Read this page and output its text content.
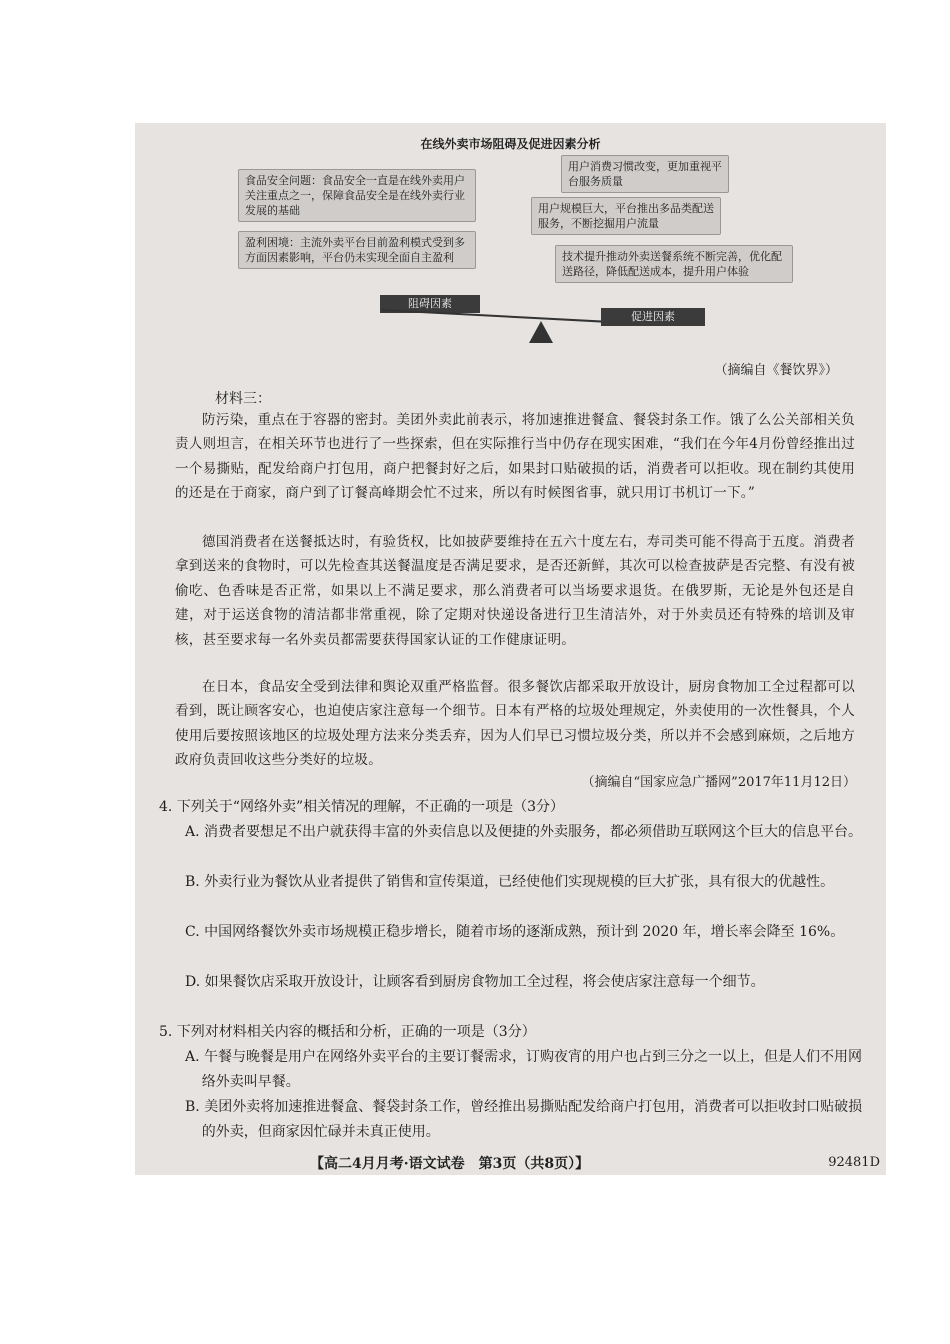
在线外卖市场阻碍及促进因素分析
食品安全问题：食品安全一直是在线外卖用户关注重点之一，保障食品安全是在线外卖行业发展的基础
盈利困境：主流外卖平台目前盈利模式受到多方面因素影响，平台仍未实现全面自主盈利
用户消费习惯改变，更加重视平台服务质量
用户规模巨大，平台推出多品类配送服务，不断挖掘用户流量
技术提升推动外卖送餐系统不断完善，优化配送路径，降低配送成本，提升用户体验
阻碍因素
促进因素
（摘编自《餐饮界》）
材料三：
防污染，重点在于容器的密封。美团外卖此前表示，将加速推进餐盒、餐袋封条工作。饿了么公关部相关负责人则坦言，在相关环节也进行了一些探索，但在实际推行当中仍存在现实困难，“我们在今年4月份曾经推出过一个易撕贴，配发给商户打包用，商户把餐封好之后，如果封口贴破损的话，消费者可以拒收。现在制约其使用的还是在于商家，商户到了订餐高峰期会忙不过来，所以有时候图省事，就只用订书机订一下。”
德国消费者在送餐抵达时，有验货权，比如披萨要维持在五六十度左右，寿司类可能不得高于五度。消费者拿到送来的食物时，可以先检查其送餐温度是否满足要求，是否还新鲜，其次可以检查披萨是否完整、有没有被偷吃、色香味是否正常，如果以上不满足要求，那么消费者可以当场要求退货。在俄罗斯，无论是外包还是自建，对于运送食物的清洁都非常重视，除了定期对快递设备进行卫生清洁外，对于外卖员还有特殊的培训及审核，甚至要求每一名外卖员都需要获得国家认证的工作健康证明。
在日本，食品安全受到法律和舆论双重严格监督。很多餐饮店都采取开放设计，厨房食物加工全过程都可以看到，既让顾客安心，也迫使店家注意每一个细节。日本有严格的垃圾处理规定，外卖使用的一次性餐具，个人使用后要按照该地区的垃圾处理方法来分类丢弃，因为人们早已习惯垃圾分类，所以并不会感到麻烦，之后地方政府负责回收这些分类好的垃圾。
（摘编自“国家应急广播网”2017年11月12日）
4. 下列关于“网络外卖”相关情况的理解，不正确的一项是（3分）
A. 消费者要想足不出户就获得丰富的外卖信息以及便捷的外卖服务，都必须借助互联网这个巨大的信息平台。
B. 外卖行业为餐饮从业者提供了销售和宣传渠道，已经使他们实现规模的巨大扩张，具有很大的优越性。
C. 中国网络餐饮外卖市场规模正稳步增长，随着市场的逐渐成熟，预计到 2020 年，增长率会降至 16%。
D. 如果餐饮店采取开放设计，让顾客看到厨房食物加工全过程，将会使店家注意每一个细节。
5. 下列对材料相关内容的概括和分析，正确的一项是（3分）
A. 午餐与晚餐是用户在网络外卖平台的主要订餐需求，订购夜宵的用户也占到三分之一以上，但是人们不用网络外卖叫早餐。
B. 美团外卖将加速推进餐盒、餐袋封条工作，曾经推出易撕贴配发给商户打包用，消费者可以拒收封口贴破损的外卖，但商家因忙碌并未真正使用。
【高二4月月考·语文试卷　第3页（共8页）】	92481D
